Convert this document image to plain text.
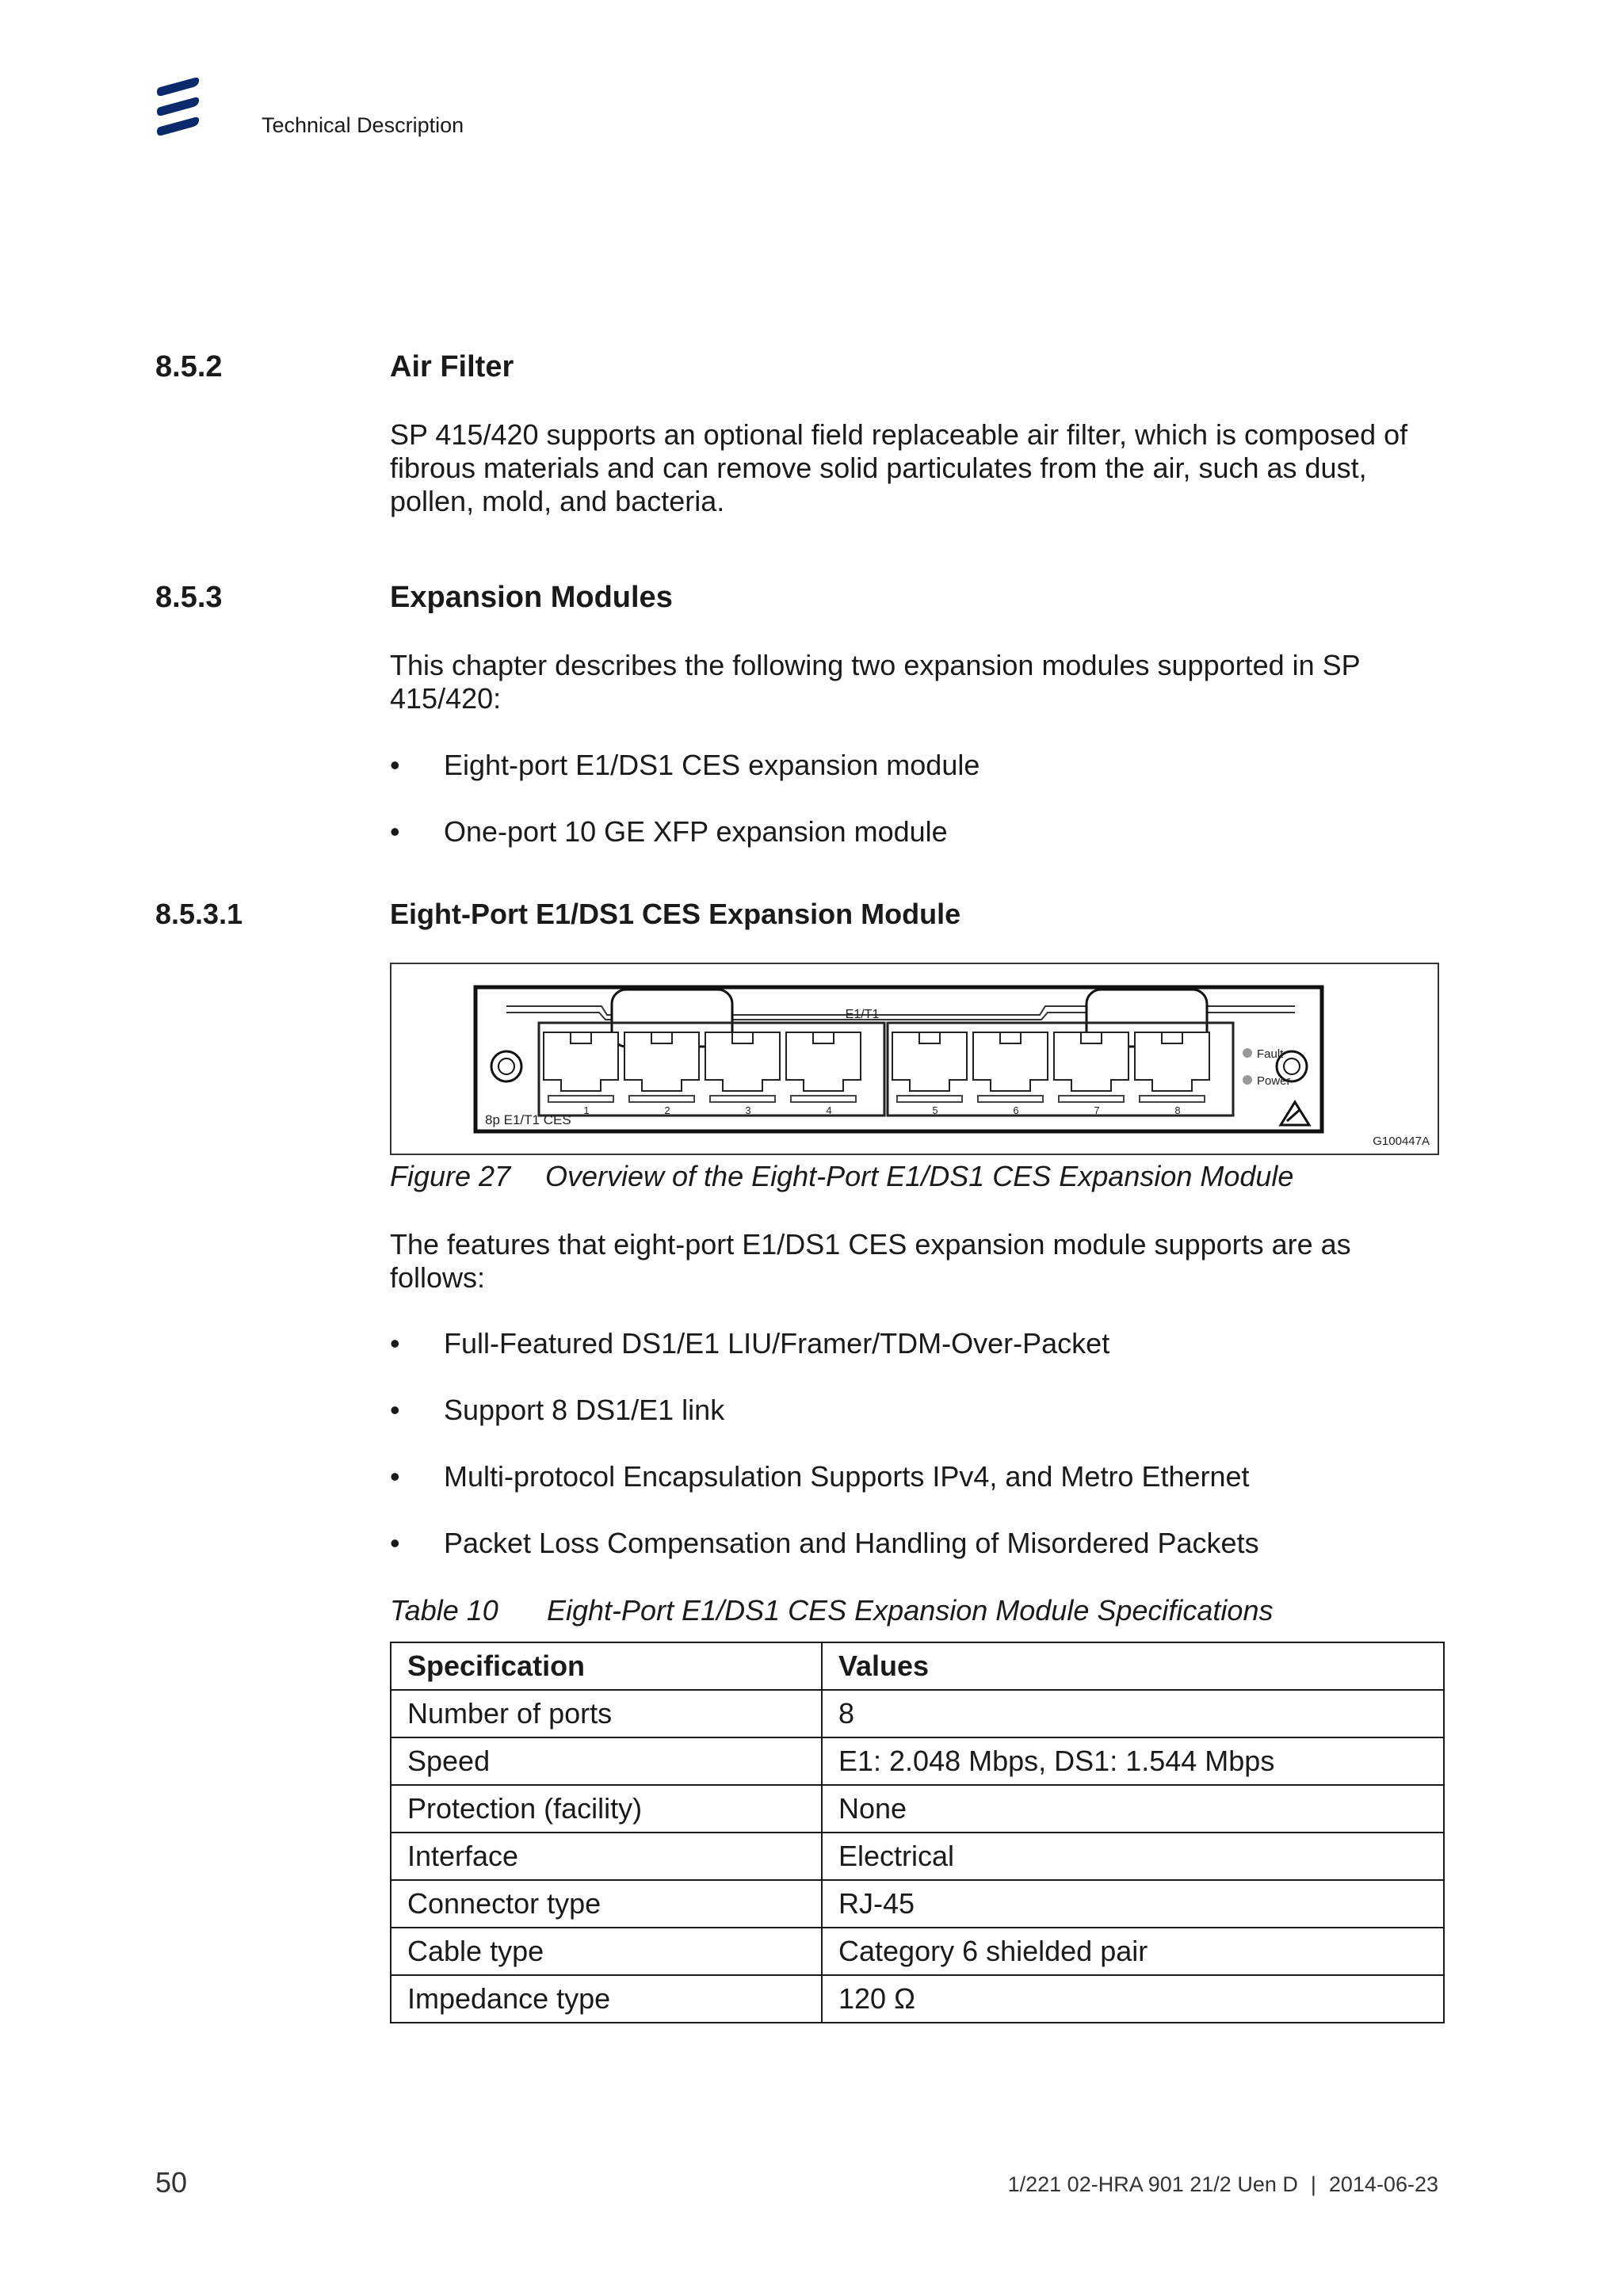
Technical Description
8.5.2	Air Filter
SP 415/420 supports an optional field replaceable air filter, which is composed of fibrous materials and can remove solid particulates from the air, such as dust, pollen, mold, and bacteria.
8.5.3	Expansion Modules
This chapter describes the following two expansion modules supported in SP 415/420:
• Eight-port E1/DS1 CES expansion module
• One-port 10 GE XFP expansion module
8.5.3.1	Eight-Port E1/DS1 CES Expansion Module
E1/T1
Fault
Power
1	2	3	4	5	6	7	8
8p E1/T1 CES
G100447A
Figure 27 Overview of the Eight-Port E1/DS1 CES Expansion Module
The features that eight-port E1/DS1 CES expansion module supports are as follows:
• Full-Featured DS1/E1 LIU/Framer/TDM-Over-Packet
• Support 8 DS1/E1 link
• Multi-protocol Encapsulation Supports IPv4, and Metro Ethernet
• Packet Loss Compensation and Handling of Misordered Packets
Table 10 Eight-Port E1/DS1 CES Expansion Module Specifications
Specification	Values
Number of ports	8
Speed	E1: 2.048 Mbps, DS1: 1.544 Mbps
Protection (facility)	None
Interface	Electrical
Connector type	RJ-45
Cable type	Category 6 shielded pair
Impedance type	120 Ω
50	1/221 02-HRA 901 21/2 Uen D | 2014-06-23
